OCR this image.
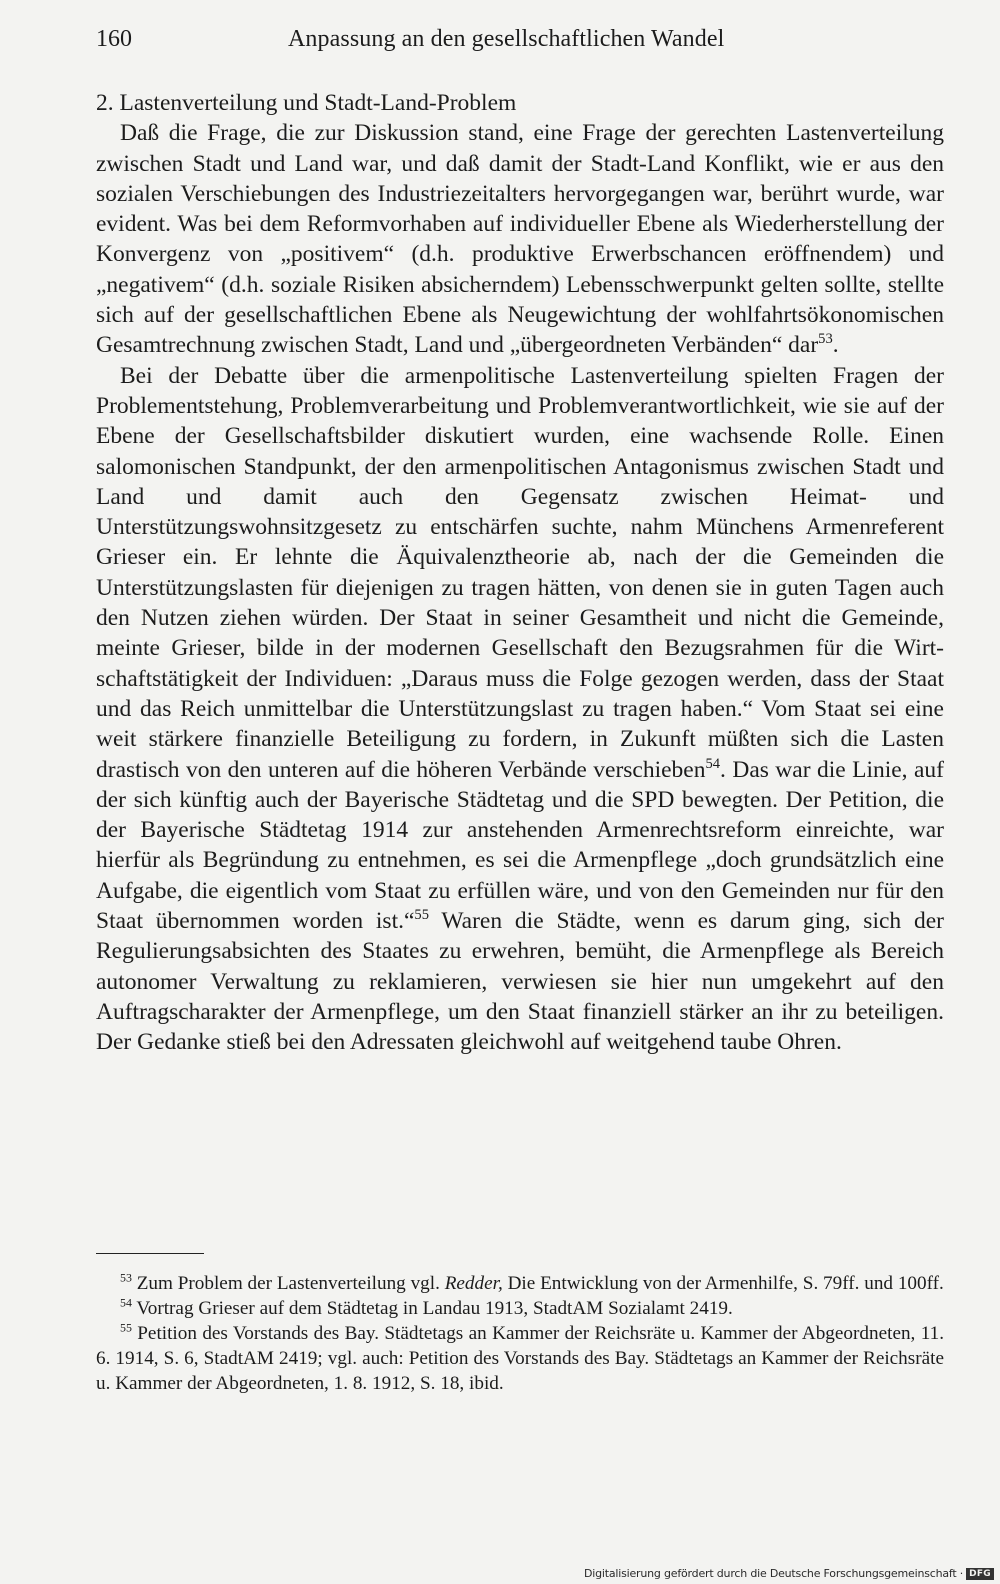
160	Anpassung an den gesellschaftlichen Wandel

2. Lastenverteilung und Stadt-Land-Problem

Daß die Frage, die zur Diskussion stand, eine Frage der gerechten Lastenverteilung zwischen Stadt und Land war, und daß damit der Stadt-Land Konflikt, wie er aus den sozialen Verschiebungen des Industriezeitalters hervorgegangen war, berührt wurde, war evident. Was bei dem Reformvorhaben auf individueller Ebene als Wiederherstellung der Konvergenz von „positivem“ (d.h. produktive Erwerbschancen eröffnendem) und „negativem“ (d.h. soziale Risiken absicherndem) Lebensschwerpunkt gelten sollte, stellte sich auf der gesellschaftlichen Ebene als Neugewichtung der wohlfahrtsökonomischen Gesamtrechnung zwischen Stadt, Land und „übergeordneten Verbänden“ dar$^{53}$.

Bei der Debatte über die armenpolitische Lastenverteilung spielten Fragen der Problementstehung, Problemverarbeitung und Problemverantwortlichkeit, wie sie auf der Ebene der Gesellschaftsbilder diskutiert wurden, eine wachsende Rolle. Einen salomonischen Standpunkt, der den armenpolitischen Antagonismus zwischen Stadt und Land und damit auch den Gegensatz zwischen Heimat- und Unterstützungswohnsitzgesetz zu entschärfen suchte, nahm Münchens Armenreferent Grieser ein. Er lehnte die Äquivalenztheorie ab, nach der die Gemeinden die Unterstützungslasten für diejenigen zu tragen hätten, von denen sie in guten Tagen auch den Nutzen ziehen würden. Der Staat in seiner Gesamtheit und nicht die Gemeinde, meinte Grieser, bilde in der modernen Gesellschaft den Bezugsrahmen für die Wirtschaftstätigkeit der Individuen: „Daraus muss die Folge gezogen werden, dass der Staat und das Reich unmittelbar die Unterstützungslast zu tragen haben.“ Vom Staat sei eine weit stärkere finanzielle Beteiligung zu fordern, in Zukunft müßten sich die Lasten drastisch von den unteren auf die höheren Verbände verschieben$^{54}$. Das war die Linie, auf der sich künftig auch der Bayerische Städtetag und die SPD bewegten. Der Petition, die der Bayerische Städtetag 1914 zur anstehenden Armenrechtsreform einreichte, war hierfür als Begründung zu entnehmen, es sei die Armenpflege „doch grundsätzlich eine Aufgabe, die eigentlich vom Staat zu erfüllen wäre, und von den Gemeinden nur für den Staat übernommen worden ist.“$^{55}$ Waren die Städte, wenn es darum ging, sich der Regulierungsabsichten des Staates zu erwehren, bemüht, die Armenpflege als Bereich autonomer Verwaltung zu reklamieren, verwiesen sie hier nun umgekehrt auf den Auftragscharakter der Armenpflege, um den Staat finanziell stärker an ihr zu beteiligen. Der Gedanke stieß bei den Adressaten gleichwohl auf weitgehend taube Ohren.

$^{53}$ Zum Problem der Lastenverteilung vgl. Redder, Die Entwicklung von der Armenhilfe, S. 79ff. und 100ff.

$^{54}$ Vortrag Grieser auf dem Städtetag in Landau 1913, StadtAM Sozialamt 2419.

$^{55}$ Petition des Vorstands des Bay. Städtetags an Kammer der Reichsräte u. Kammer der Abgeordneten, 11. 6. 1914, S. 6, StadtAM 2419; vgl. auch: Petition des Vorstands des Bay. Städtetags an Kammer der Reichsräte u. Kammer der Abgeordneten, 1. 8. 1912, S. 18, ibid.

Digitalisierung gefördert durch die Deutsche Forschungsgemeinschaft · DFG
